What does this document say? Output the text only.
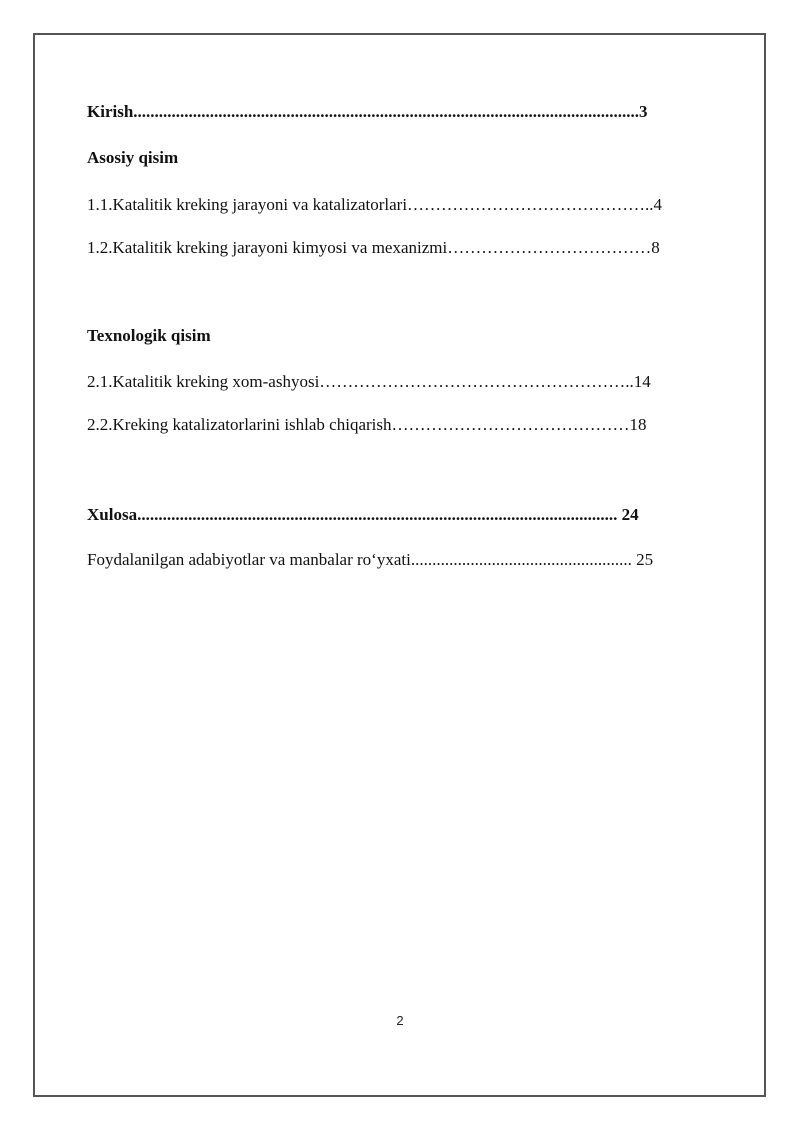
Kirish.......................................................................................................................3
Asosiy qisim
1.1.Katalitik kreking jarayoni va katalizatorlari……………………………………..4
1.2.Katalitik kreking jarayoni kimyosi va mexanizmi………………………………8
Texnologik qisim
2.1.Katalitik kreking xom-ashyosi………………………………………………..14
2.2.Kreking katalizatorlarini ishlab chiqarish……………………………………18
Xulosa................................................................................................................. 24
Foydalanilgan adabiyotlar va manbalar ro‘yxati.................................................... 25
2
